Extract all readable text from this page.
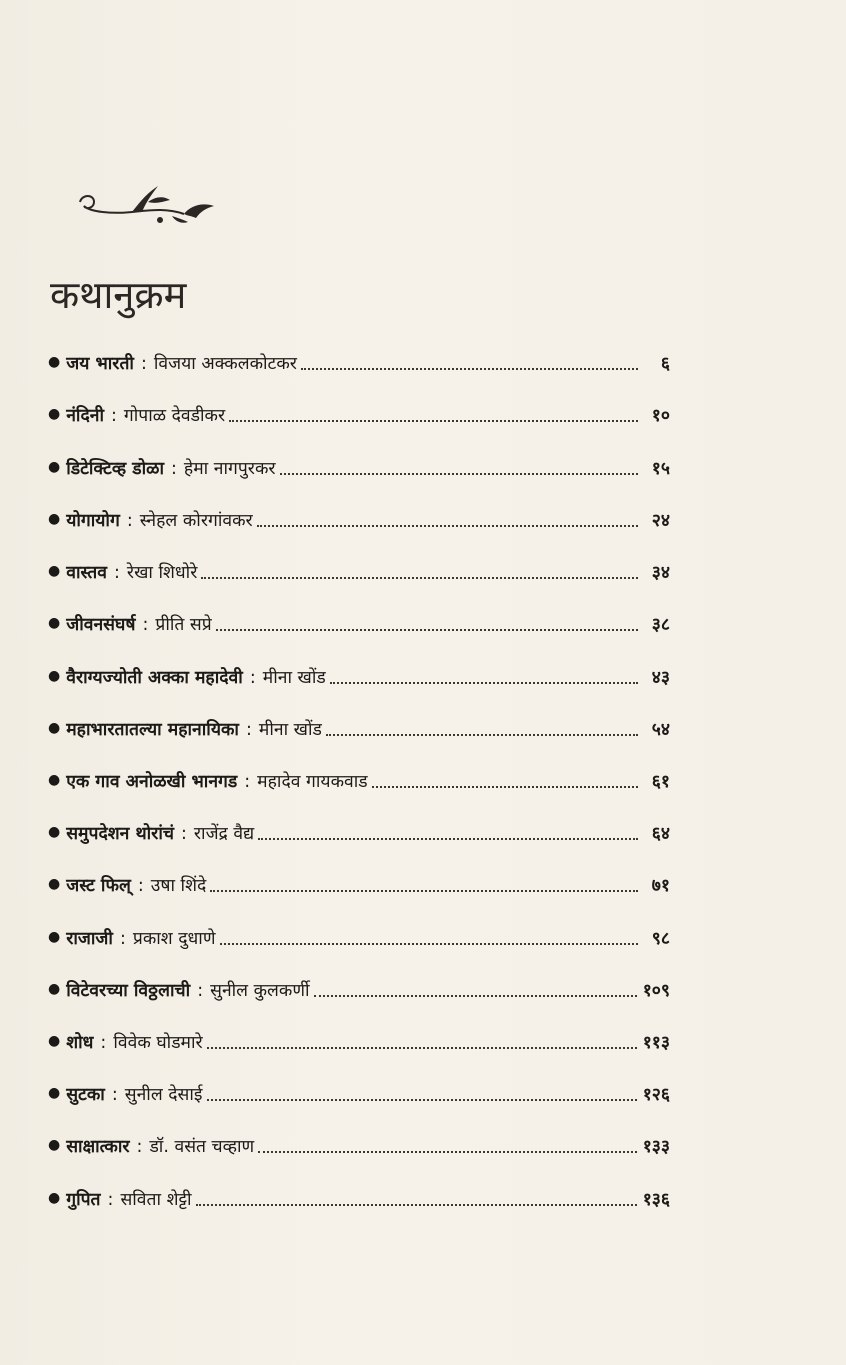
कथानुक्रम
● जय भारती : विजया अक्कलकोटकर	६
● नंदिनी : गोपाळ देवडीकर	१०
● डिटेक्टिव्ह डोळा : हेमा नागपुरकर	१५
● योगायोग : स्नेहल कोरगांवकर	२४
● वास्तव : रेखा शिधोरे	३४
● जीवनसंघर्ष : प्रीति सप्रे	३८
● वैराग्यज्योती अक्का महादेवी : मीना खोंड	४३
● महाभारतातल्या महानायिका : मीना खोंड	५४
● एक गाव अनोळखी भानगड : महादेव गायकवाड	६१
● समुपदेशन थोरांचं : राजेंद्र वैद्य	६४
● जस्ट फिल् : उषा शिंदे	७१
● राजाजी : प्रकाश दुधाणे	९८
● विटेवरच्या विठ्ठलाची : सुनील कुलकर्णी	१०९
● शोध : विवेक घोडमारे	११३
● सुटका : सुनील देसाई	१२६
● साक्षात्कार : डॉ. वसंत चव्हाण	१३३
● गुपित : सविता शेट्टी	१३६
